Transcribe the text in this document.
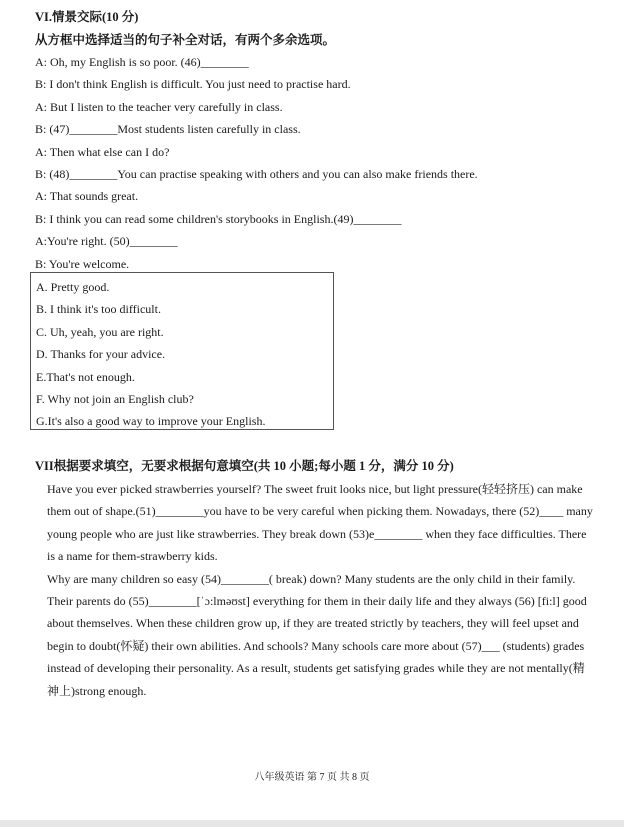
VI.情景交际(10 分)
从方框中选择适当的句子补全对话，有两个多余选项。
A: Oh, my English is so poor. (46)________
B: I don't think English is difficult. You just need to practise hard.
A: But I listen to the teacher very carefully in class.
B: (47)________Most students listen carefully in class.
A: Then what else can I do?
B: (48)________You can practise speaking with others and you can also make friends there.
A: That sounds great.
B: I think you can read some children's storybooks in English.(49)________
A:You're right. (50)________
B: You're welcome.
A. Pretty good.
B. I think it's too difficult.
C. Uh, yeah, you are right.
D. Thanks for your advice.
E.That's not enough.
F. Why not join an English club?
G.It's also a good way to improve your English.
VII根据要求填空，无要求根据句意填空(共 10 小题;每小题 1 分，满分 10 分)

Have you ever picked strawberries yourself? The sweet fruit looks nice, but light pressure(轻轻挤压) can make them out of shape.(51)________you have to be very careful when picking them. Nowadays, there (52)____ many young people who are just like strawberries. They break down (53)e________ when they face difficulties. There is a name for them-strawberry kids.

Why are many children so easy (54)________( break) down? Many students are the only child in their family. Their parents do (55)________[ˈɔ:lməʊst] everything for them in their daily life and they always (56) [fi:l] good about themselves. When these children grow up, if they are treated strictly by teachers, they will feel upset and begin to doubt(怀疑) their own abilities. And schools? Many schools care more about (57)___ (students) grades instead of developing their personality. As a result, students get satisfying grades while they are not mentally(精神上)strong enough.

八年级英语 第 7 页 共 8 页
